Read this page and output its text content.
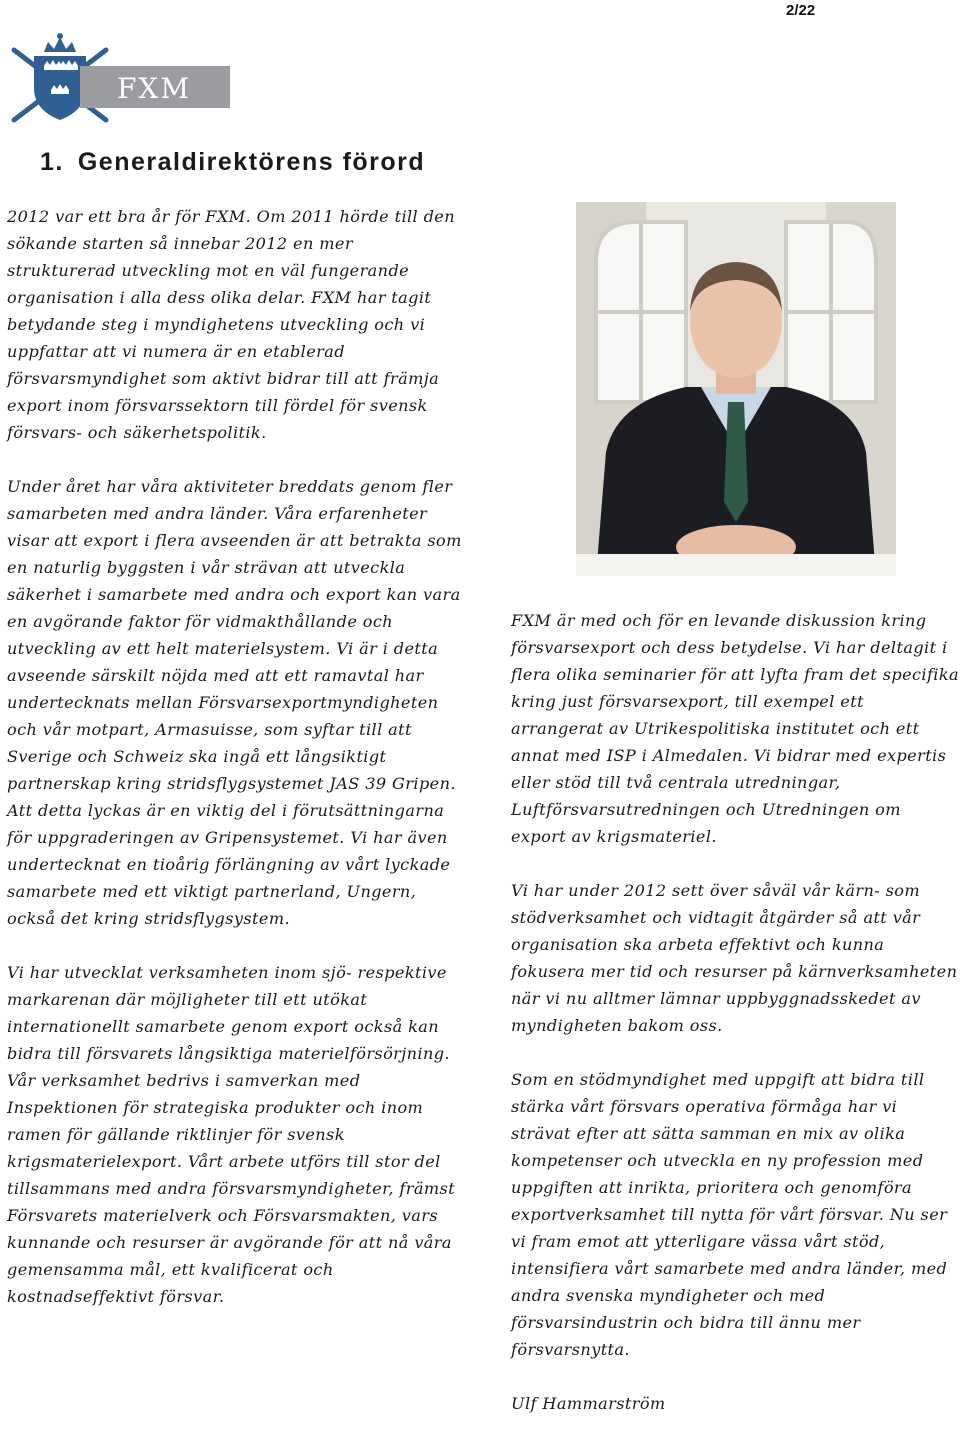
2/22
FXM
1. Generaldirektörens förord

2012 var ett bra år för FXM. Om 2011 hörde till den sökande starten så innebar 2012 en mer strukturerad utveckling mot en väl fungerande organisation i alla dess olika delar. FXM har tagit betydande steg i myndighetens utveckling och vi uppfattar att vi numera är en etablerad försvarsmyndighet som aktivt bidrar till att främja export inom försvarssektorn till fördel för svensk försvars- och säkerhetspolitik.

Under året har våra aktiviteter breddats genom fler samarbeten med andra länder. Våra erfarenheter visar att export i flera avseenden är att betrakta som en naturlig byggsten i vår strävan att utveckla säkerhet i samarbete med andra och export kan vara en avgörande faktor för vidmakthållande och utveckling av ett helt materielsystem. Vi är i detta avseende särskilt nöjda med att ett ramavtal har undertecknats mellan Försvarsexportmyndigheten och vår motpart, Armasuisse, som syftar till att Sverige och Schweiz ska ingå ett långsiktigt partnerskap kring stridsflygsystemet JAS 39 Gripen. Att detta lyckas är en viktig del i förutsättningarna för uppgraderingen av Gripensystemet. Vi har även undertecknat en tioårig förlängning av vårt lyckade samarbete med ett viktigt partnerland, Ungern, också det kring stridsflygsystem.

Vi har utvecklat verksamheten inom sjö- respektive markarenan där möjligheter till ett utökat internationellt samarbete genom export också kan bidra till försvarets långsiktiga materielförsörjning. Vår verksamhet bedrivs i samverkan med Inspektionen för strategiska produkter och inom ramen för gällande riktlinjer för svensk krigsmaterielexport. Vårt arbete utförs till stor del tillsammans med andra försvarsmyndigheter, främst Försvarets materielverk och Försvarsmakten, vars kunnande och resurser är avgörande för att nå våra gemensamma mål, ett kvalificerat och kostnadseffektivt försvar.

FXM är med och för en levande diskussion kring försvarsexport och dess betydelse. Vi har deltagit i flera olika seminarier för att lyfta fram det specifika kring just försvarsexport, till exempel ett arrangerat av Utrikespolitiska institutet och ett annat med ISP i Almedalen. Vi bidrar med expertis eller stöd till två centrala utredningar, Luftförsvarsutredningen och Utredningen om export av krigsmateriel.

Vi har under 2012 sett över såväl vår kärn- som stödverksamhet och vidtagit åtgärder så att vår organisation ska arbeta effektivt och kunna fokusera mer tid och resurser på kärnverksamheten när vi nu alltmer lämnar uppbyggnadsskedet av myndigheten bakom oss.

Som en stödmyndighet med uppgift att bidra till stärka vårt försvars operativa förmåga har vi strävat efter att sätta samman en mix av olika kompetenser och utveckla en ny profession med uppgiften att inrikta, prioritera och genomföra exportverksamhet till nytta för vårt försvar. Nu ser vi fram emot att ytterligare vässa vårt stöd, intensifiera vårt samarbete med andra länder, med andra svenska myndigheter och med försvarsindustrin och bidra till ännu mer försvarsnytta.

Ulf Hammarström
